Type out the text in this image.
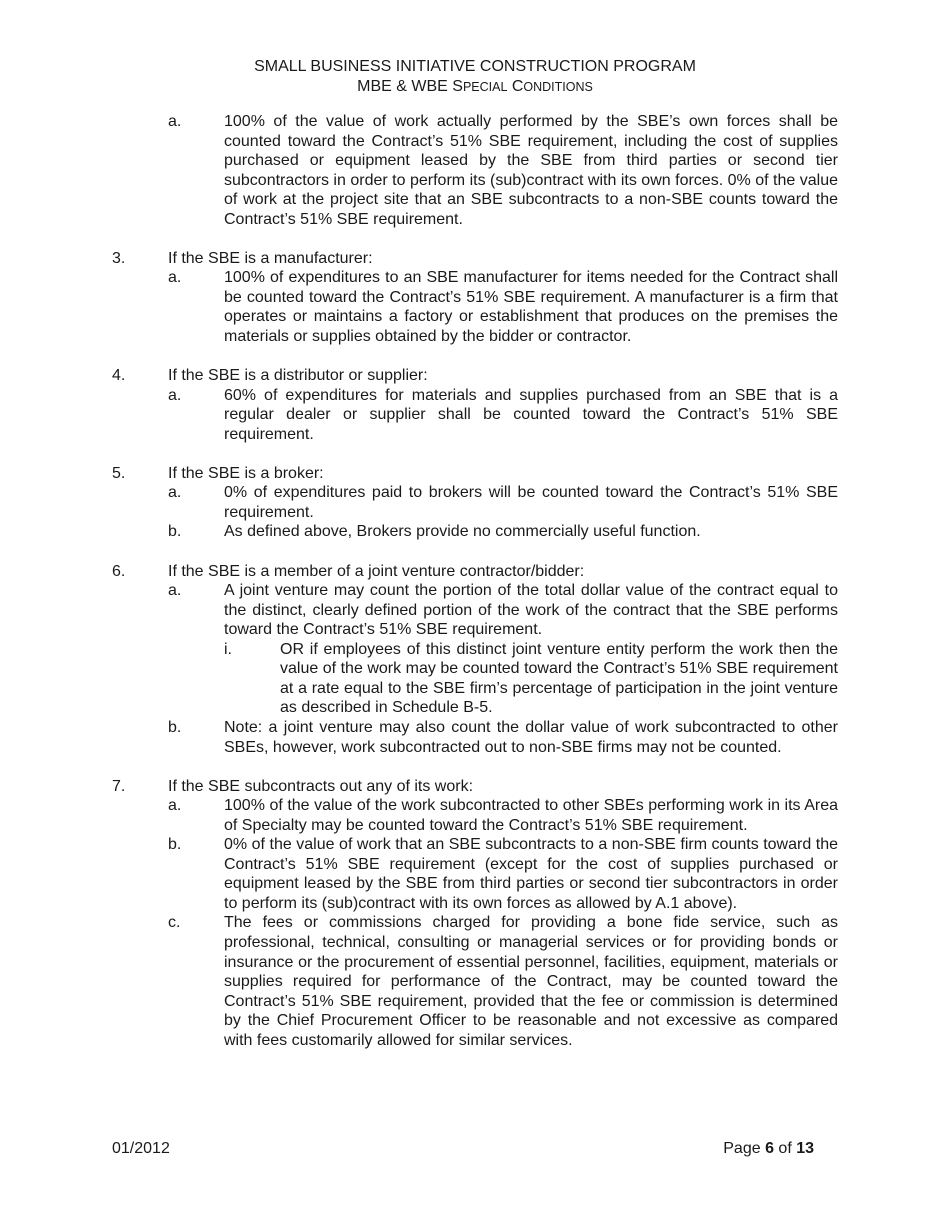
SMALL BUSINESS INITIATIVE CONSTRUCTION PROGRAM
MBE & WBE SPECIAL CONDITIONS
a.	100% of the value of work actually performed by the SBE’s own forces shall be counted toward the Contract’s 51% SBE requirement, including the cost of supplies purchased or equipment leased by the SBE from third parties or second tier subcontractors in order to perform its (sub)contract with its own forces. 0% of the value of work at the project site that an SBE subcontracts to a non-SBE counts toward the Contract’s 51% SBE requirement.
3.	If the SBE is a manufacturer:
a.	100% of expenditures to an SBE manufacturer for items needed for the Contract shall be counted toward the Contract’s 51% SBE requirement. A manufacturer is a firm that operates or maintains a factory or establishment that produces on the premises the materials or supplies obtained by the bidder or contractor.
4.	If the SBE is a distributor or supplier:
a.	60% of expenditures for materials and supplies purchased from an SBE that is a regular dealer or supplier shall be counted toward the Contract’s 51% SBE requirement.
5.	If the SBE is a broker:
a.	0% of expenditures paid to brokers will be counted toward the Contract’s 51% SBE requirement.
b.	As defined above, Brokers provide no commercially useful function.
6.	If the SBE is a member of a joint venture contractor/bidder:
a.	A joint venture may count the portion of the total dollar value of the contract equal to the distinct, clearly defined portion of the work of the contract that the SBE performs toward the Contract’s 51% SBE requirement.
i.	OR if employees of this distinct joint venture entity perform the work then the value of the work may be counted toward the Contract’s 51% SBE requirement at a rate equal to the SBE firm’s percentage of participation in the joint venture as described in Schedule B-5.
b.	Note: a joint venture may also count the dollar value of work subcontracted to other SBEs, however, work subcontracted out to non-SBE firms may not be counted.
7.	If the SBE subcontracts out any of its work:
a.	100% of the value of the work subcontracted to other SBEs performing work in its Area of Specialty may be counted toward the Contract’s 51% SBE requirement.
b.	0% of the value of work that an SBE subcontracts to a non-SBE firm counts toward the Contract’s 51% SBE requirement (except for the cost of supplies purchased or equipment leased by the SBE from third parties or second tier subcontractors in order to perform its (sub)contract with its own forces as allowed by A.1 above).
c.	The fees or commissions charged for providing a bone fide service, such as professional, technical, consulting or managerial services or for providing bonds or insurance or the procurement of essential personnel, facilities, equipment, materials or supplies required for performance of the Contract, may be counted toward the Contract’s 51% SBE requirement, provided that the fee or commission is determined by the Chief Procurement Officer to be reasonable and not excessive as compared with fees customarily allowed for similar services.
01/2012	Page 6 of 13
